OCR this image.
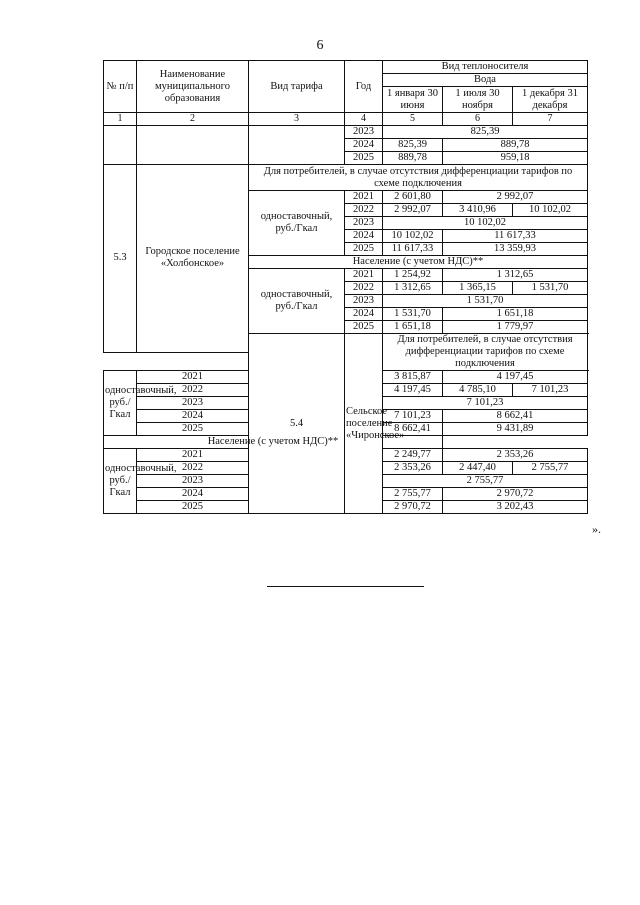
6
№ п/п	Наименование муниципального образования	Вид тарифа	Год	Вид теплоносителя		
				Вода		
				1 января 30 июня	1 июля 30 ноября	1 декабря 31 декабря

1	2	3	4	5	6	7
			2023	825,39		
			2024	825,39	889,78	
			2025	889,78	959,18	
5.3	Городское поселение «Холбонское»	Для потребителей, в случае отсутствия дифференциации тарифов по схеме подключения				

		одноставочный, руб./Гкал	2021	2 601,80	2 992,07	
			2022	2 992,07	3 410,96	10 102,02
			2023	10 102,02		
			2024	10 102,02	11 617,33	
			2025	11 617,33	13 359,93	
		Население (с учетом НДС)**				
		одноставочный, руб./Гкал	2021	1 254,92	1 312,65	
			2022	1 312,65	1 365,15	1 531,70
			2023	1 531,70		
			2024	1 531,70	1 651,18	
			2025	1 651,18	1 779,97	
		5.4	Сельское поселение «Чиронское»	Для потребителей, в случае отсутствия дифференциации тарифов по схеме подключения		

одноставочный, руб./Гкал	2021			3 815,87	4 197,45	
	2022			4 197,45	4 785,10	7 101,23
	2023			7 101,23		
	2024			7 101,23	8 662,41	
	2025			8 662,41	9 431,89	
Население (с учетом НДС)**						
одноставочный, руб./Гкал	2021			2 249,77	2 353,26	
	2022			2 353,26	2 447,40	2 755,77
	2023			2 755,77		
	2024			2 755,77	2 970,72	
	2025			2 970,72	3 202,43	
».
